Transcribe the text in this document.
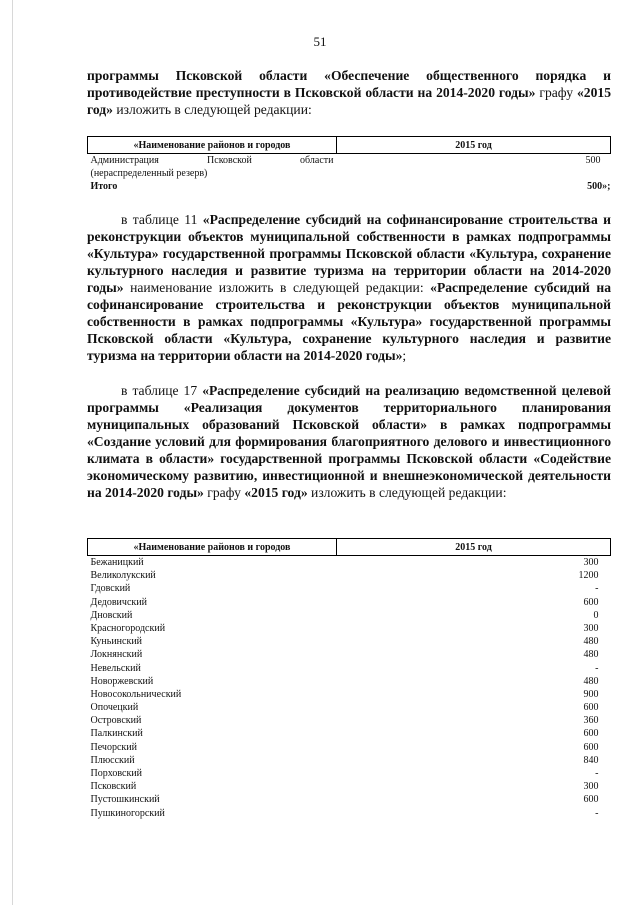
51
программы Псковской области «Обеспечение общественного порядка и противодействие преступности в Псковской области на 2014-2020 годы» графу «2015 год» изложить в следующей редакции:
«Наименование районов и городов	2015 год

Администрация Псковской области
(нераспределенный резерв)	500
Итого	500»;
в таблице 11 «Распределение субсидий на софинансирование строительства и реконструкции объектов муниципальной собственности в рамках подпрограммы «Культура» государственной программы Псковской области «Культура, сохранение культурного наследия и развитие туризма на территории области на 2014-2020 годы» наименование изложить в следующей редакции: «Распределение субсидий на софинансирование строительства и реконструкции объектов муниципальной собственности в рамках подпрограммы «Культура» государственной программы Псковской области «Культура, сохранение культурного наследия и развитие туризма на территории области на 2014-2020 годы»;
в таблице 17 «Распределение субсидий на реализацию ведомственной целевой программы «Реализация документов территориального планирования муниципальных образований Псковской области» в рамках подпрограммы «Создание условий для формирования благоприятного делового и инвестиционного климата в области» государственной программы Псковской области «Содействие экономическому развитию, инвестиционной и внешнеэкономической деятельности на 2014-2020 годы» графу «2015 год» изложить в следующей редакции:
«Наименование районов и городов	2015 год
Бежаницкий	300
Великолукский	1200
Гдовский	-
Дедовичский	600
Дновский	0
Красногородский	300
Куньинский	480
Локнянский	480
Невельский	-
Новоржевский	480
Новосокольнический	900
Опочецкий	600
Островский	360
Палкинский	600
Печорский	600
Плюсский	840
Порховский	-
Псковский	300
Пустошкинский	600
Пушкиногорский	-
